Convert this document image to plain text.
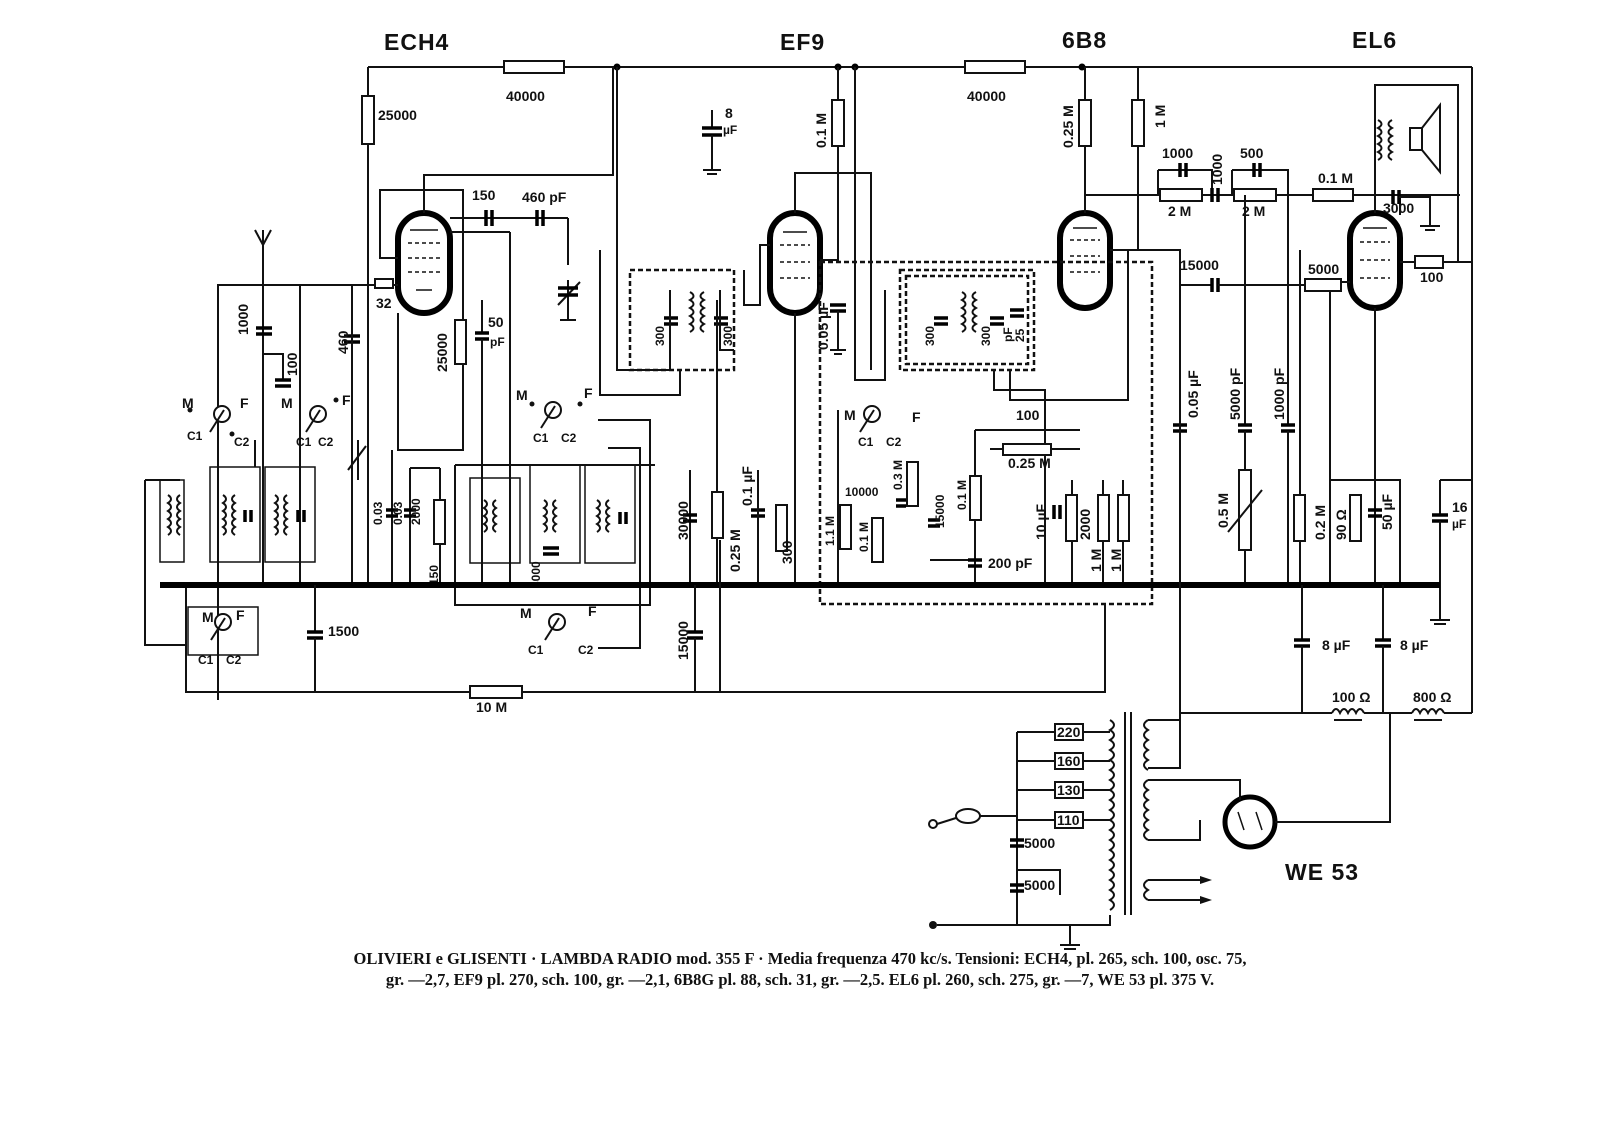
ECH4	EF9	6B8	EL6
WE 53
40000	40000
25000	8
µF
150 460 pF
32
25000
50
pF
1000
100
460
M	F
C1	C2
M	F
C1 C2
M	F
C1 C2
M F
C1 C2
M	F
C1	C2
M	F
C1 C2
0.03 0.03 2000
150	3000
300	300
0.1 M
0.05 µF	300	300 25
pF
0.25 M	1 M
1000
1000
500
2 M	2 M
0.1 M
3000
100
15000	5000
0.05 µF 5000 pF 1000 pF
0.5 M
1.1 M
10000
0.3 M
0.1 M
15000 0.1 M
100
0.25 M
200 pF
10 µF 2000
1 M 1 M
30000
0.25 M
0.1 µF
300
0.2 M 90 Ω 50 µF	16
µF
1500	15000
10 M
8 µF	8 µF
100 Ω	800 Ω
220
160
130
110
5000
5000
OLIVIERI e GLISENTI · LAMBDA RADIO mod. 355 F · Media frequenza 470 kc/s. Tensioni: ECH4, pl. 265, sch. 100, osc. 75,
gr. —2,7, EF9 pl. 270, sch. 100, gr. —2,1, 6B8G pl. 88, sch. 31, gr. —2,5. EL6 pl. 260, sch. 275, gr. —7, WE 53 pl. 375 V.
